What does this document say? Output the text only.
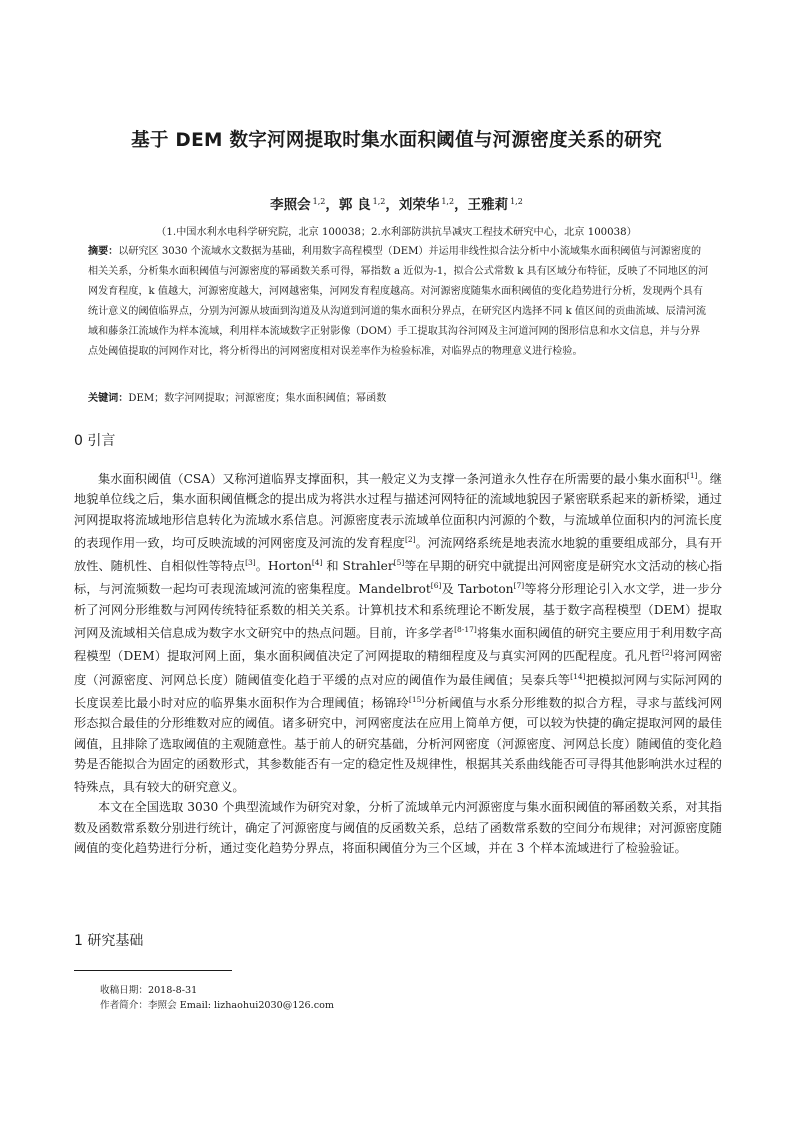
基于 DEM 数字河网提取时集水面积阈值与河源密度关系的研究
李照会 $^{1,2}$，郭 良 $^{1,2}$，刘荣华 $^{1,2}$，王雅莉 $^{1,2}$
（1.中国水利水电科学研究院，北京 100038；2.水利部防洪抗旱减灾工程技术研究中心，北京 100038）
摘要：以研究区 3030 个流域水文数据为基础，利用数字高程模型（DEM）并运用非线性拟合法分析中小流域集水面积阈值与河源密度的相关关系，分析集水面积阈值与河源密度的幂函数关系可得，幂指数 a 近似为-1，拟合公式常数 k 具有区域分布特征，反映了不同地区的河网发育程度，k 值越大，河源密度越大，河网越密集，河网发育程度越高。对河源密度随集水面积阈值的变化趋势进行分析，发现两个具有统计意义的阈值临界点，分别为河源从坡面到沟道及从沟道到河道的集水面积分界点，在研究区内选择不同 k 值区间的贡曲流域、辰清河流域和藤条江流域作为样本流域，利用样本流域数字正射影像（DOM）手工提取其沟谷河网及主河道河网的图形信息和水文信息，并与分界点处阈值提取的河网作对比，将分析得出的河网密度相对误差率作为检验标准，对临界点的物理意义进行检验。
关键词：DEM；数字河网提取；河源密度；集水面积阈值；幂函数
0 引言

集水面积阈值（CSA）又称河道临界支撑面积，其一般定义为支撑一条河道永久性存在所需要的最小集水面积[1]。继地貌单位线之后，集水面积阈值概念的提出成为将洪水过程与描述河网特征的流域地貌因子紧密联系起来的新桥梁，通过河网提取将流域地形信息转化为流域水系信息。河源密度表示流域单位面积内河源的个数，与流域单位面积内的河流长度的表现作用一致，均可反映流域的河网密度及河流的发育程度[2]。河流网络系统是地表流水地貌的重要组成部分，具有开放性、随机性、自相似性等特点[3]。Horton[4] 和 Strahler[5]等在早期的研究中就提出河网密度是研究水文活动的核心指标，与河流频数一起均可表现流域河流的密集程度。Mandelbrot[6]及 Tarboton[7]等将分形理论引入水文学，进一步分析了河网分形维数与河网传统特征系数的相关关系。计算机技术和系统理论不断发展，基于数字高程模型（DEM）提取河网及流域相关信息成为数字水文研究中的热点问题。目前，许多学者[8-17]将集水面积阈值的研究主要应用于利用数字高程模型（DEM）提取河网上面，集水面积阈值决定了河网提取的精细程度及与真实河网的匹配程度。孔凡哲[2]将河网密度（河源密度、河网总长度）随阈值变化趋于平缓的点对应的阈值作为最佳阈值；吴泰兵等[14]把模拟河网与实际河网的长度误差比最小时对应的临界集水面积作为合理阈值；杨锦玲[15]分析阈值与水系分形维数的拟合方程，寻求与蓝线河网形态拟合最佳的分形维数对应的阈值。诸多研究中，河网密度法在应用上简单方便，可以较为快捷的确定提取河网的最佳阈值，且排除了选取阈值的主观随意性。基于前人的研究基础，分析河网密度（河源密度、河网总长度）随阈值的变化趋势是否能拟合为固定的函数形式，其参数能否有一定的稳定性及规律性，根据其关系曲线能否可寻得其他影响洪水过程的特殊点，具有较大的研究意义。

本文在全国选取 3030 个典型流域作为研究对象，分析了流域单元内河源密度与集水面积阈值的幂函数关系，对其指数及函数常系数分别进行统计，确定了河源密度与阈值的反函数关系，总结了函数常系数的空间分布规律；对河源密度随阈值的变化趋势进行分析，通过变化趋势分界点，将面积阈值分为三个区域，并在 3 个样本流域进行了检验验证。

1 研究基础
收稿日期：2018-8-31
作者简介：李照会 Email: lizhaohui2030@126.com
